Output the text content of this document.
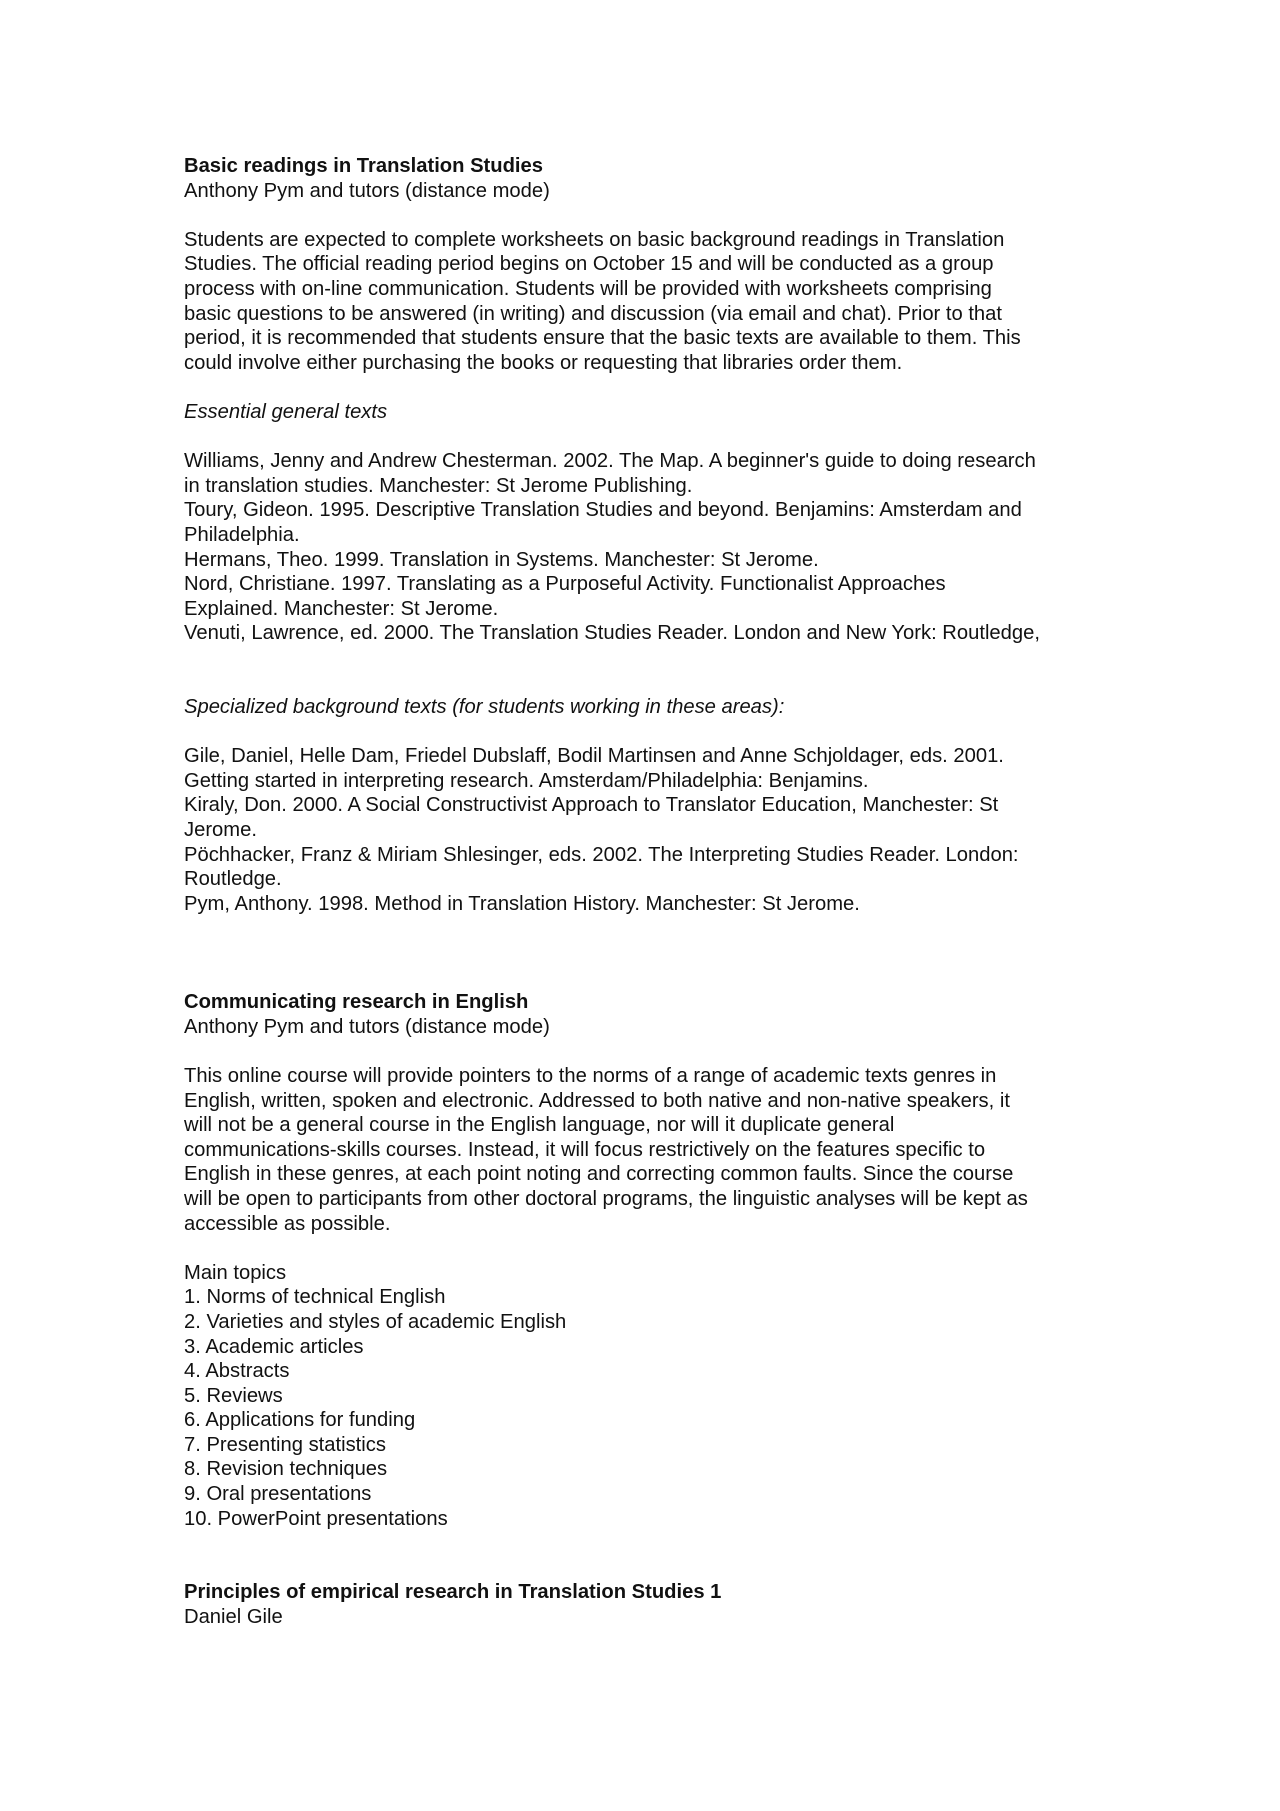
Basic readings in Translation Studies
Anthony Pym and tutors (distance mode)
Students are expected to complete worksheets on basic background readings in Translation
Studies. The official reading period begins on October 15 and will be conducted as a group
process with on-line communication. Students will be provided with worksheets comprising
basic questions to be answered (in writing) and discussion (via email and chat). Prior to that
period, it is recommended that students ensure that the basic texts are available to them. This
could involve either purchasing the books or requesting that libraries order them.
Essential general texts
Williams, Jenny and Andrew Chesterman. 2002. The Map. A beginner's guide to doing research
in translation studies. Manchester: St Jerome Publishing.
Toury, Gideon. 1995. Descriptive Translation Studies and beyond. Benjamins: Amsterdam and
Philadelphia.
Hermans, Theo. 1999. Translation in Systems. Manchester: St Jerome.
Nord, Christiane. 1997. Translating as a Purposeful Activity. Functionalist Approaches
Explained. Manchester: St Jerome.
Venuti, Lawrence, ed. 2000. The Translation Studies Reader. London and New York: Routledge,
Specialized background texts (for students working in these areas):
Gile, Daniel, Helle Dam, Friedel Dubslaff, Bodil Martinsen and Anne Schjoldager, eds. 2001.
Getting started in interpreting research. Amsterdam/Philadelphia: Benjamins.
Kiraly, Don. 2000. A Social Constructivist Approach to Translator Education, Manchester: St
Jerome.
Pöchhacker, Franz & Miriam Shlesinger, eds. 2002. The Interpreting Studies Reader. London:
Routledge.
Pym, Anthony. 1998. Method in Translation History. Manchester: St Jerome.
Communicating research in English
Anthony Pym and tutors (distance mode)
This online course will provide pointers to the norms of a range of academic texts genres in
English, written, spoken and electronic. Addressed to both native and non-native speakers, it
will not be a general course in the English language, nor will it duplicate general
communications-skills courses. Instead, it will focus restrictively on the features specific to
English in these genres, at each point noting and correcting common faults. Since the course
will be open to participants from other doctoral programs, the linguistic analyses will be kept as
accessible as possible.
Main topics
1. Norms of technical English
2. Varieties and styles of academic English
3. Academic articles
4. Abstracts
5. Reviews
6. Applications for funding
7. Presenting statistics
8. Revision techniques
9. Oral presentations
10. PowerPoint presentations
Principles of empirical research in Translation Studies 1
Daniel Gile
